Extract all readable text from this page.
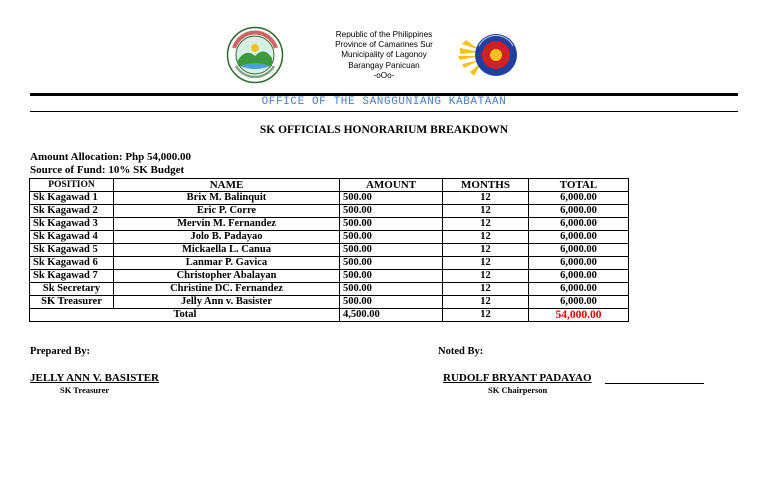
Republic of the Philippines
Province of Camarines Sur
Municipality of Lagonoy
Barangay Panicuan
-oOo-
OFFICE OF THE SANGGUNIANG KABATAAN
SK OFFICIALS HONORARIUM BREAKDOWN
Amount Allocation: Php 54,000.00
Source of Fund: 10% SK Budget
POSITION	NAME	AMOUNT	MONTHS	TOTAL
Sk Kagawad 1	Brix M. Balinquit	500.00	12	6,000.00
Sk Kagawad 2	Eric P. Corre	500.00	12	6,000.00
Sk Kagawad 3	Mervin M. Fernandez	500.00	12	6,000.00
Sk Kagawad 4	Jolo B. Padayao	500.00	12	6,000.00
Sk Kagawad 5	Mickaella L. Canua	500.00	12	6,000.00
Sk Kagawad 6	Lanmar P. Gavica	500.00	12	6,000.00
Sk Kagawad 7	Christopher Abalayan	500.00	12	6,000.00
Sk Secretary	Christine DC. Fernandez	500.00	12	6,000.00
SK Treasurer	Jelly Ann v. Basister	500.00	12	6,000.00
	Total	4,500.00	12	54,000.00
Prepared By:	Noted By:
JELLY ANN V. BASISTER
SK Treasurer
RUDOLF BRYANT PADAYAO
SK Chairperson
